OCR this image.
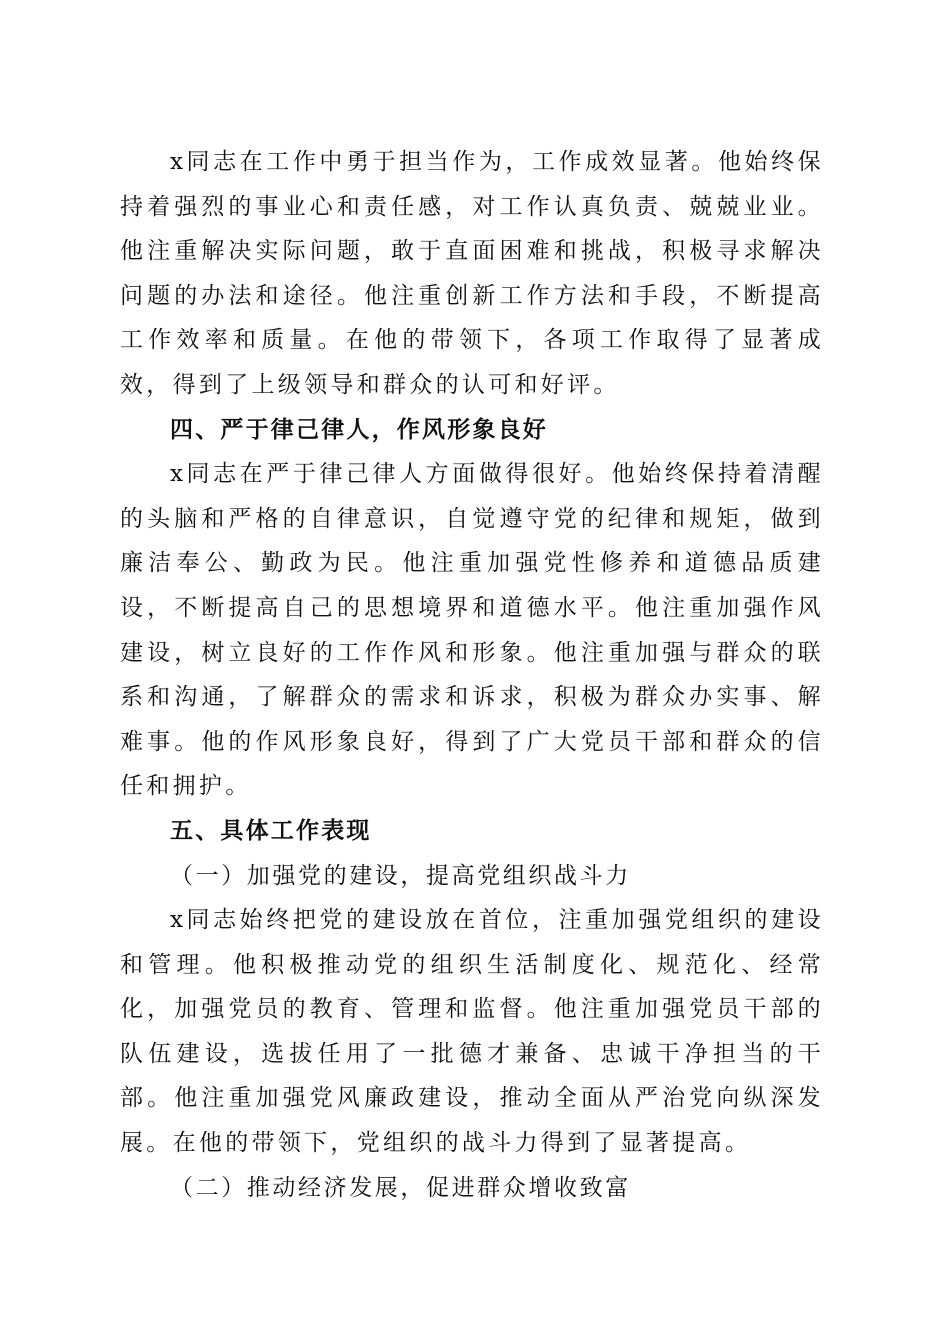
x同志在工作中勇于担当作为，工作成效显著。他始终保持着强烈的事业心和责任感，对工作认真负责、兢兢业业。他注重解决实际问题，敢于直面困难和挑战，积极寻求解决问题的办法和途径。他注重创新工作方法和手段，不断提高工作效率和质量。在他的带领下，各项工作取得了显著成效，得到了上级领导和群众的认可和好评。

四、严于律己律人，作风形象良好

x同志在严于律己律人方面做得很好。他始终保持着清醒的头脑和严格的自律意识，自觉遵守党的纪律和规矩，做到廉洁奉公、勤政为民。他注重加强党性修养和道德品质建设，不断提高自己的思想境界和道德水平。他注重加强作风建设，树立良好的工作作风和形象。他注重加强与群众的联系和沟通，了解群众的需求和诉求，积极为群众办实事、解难事。他的作风形象良好，得到了广大党员干部和群众的信任和拥护。

五、具体工作表现

（一）加强党的建设，提高党组织战斗力

x同志始终把党的建设放在首位，注重加强党组织的建设和管理。他积极推动党的组织生活制度化、规范化、经常化，加强党员的教育、管理和监督。他注重加强党员干部的队伍建设，选拔任用了一批德才兼备、忠诚干净担当的干部。他注重加强党风廉政建设，推动全面从严治党向纵深发展。在他的带领下，党组织的战斗力得到了显著提高。

（二）推动经济发展，促进群众增收致富
